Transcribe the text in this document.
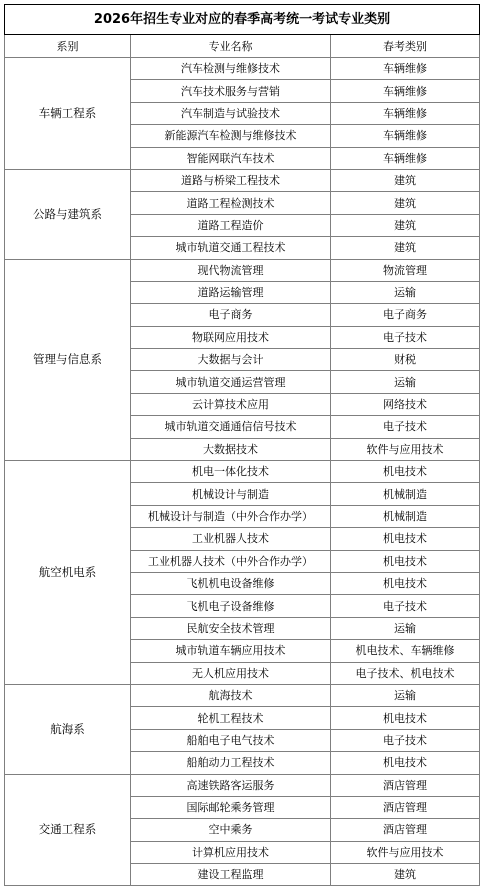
2026年招生专业对应的春季高考统一考试专业类别		
系别	专业名称	春考类别
车辆工程系	汽车检测与维修技术	车辆维修
	汽车技术服务与营销	车辆维修
	汽车制造与试验技术	车辆维修
	新能源汽车检测与维修技术	车辆维修
	智能网联汽车技术	车辆维修
公路与建筑系	道路与桥梁工程技术	建筑
	道路工程检测技术	建筑
	道路工程造价	建筑
	城市轨道交通工程技术	建筑
管理与信息系	现代物流管理	物流管理
	道路运输管理	运输
	电子商务	电子商务
	物联网应用技术	电子技术
	大数据与会计	财税
	城市轨道交通运营管理	运输
	云计算技术应用	网络技术
	城市轨道交通通信信号技术	电子技术
	大数据技术	软件与应用技术
航空机电系	机电一体化技术	机电技术
	机械设计与制造	机械制造
	机械设计与制造（中外合作办学）	机械制造
	工业机器人技术	机电技术
	工业机器人技术（中外合作办学）	机电技术
	飞机机电设备维修	机电技术
	飞机电子设备维修	电子技术
	民航安全技术管理	运输
	城市轨道车辆应用技术	机电技术、车辆维修
	无人机应用技术	电子技术、机电技术
航海系	航海技术	运输
	轮机工程技术	机电技术
	船舶电子电气技术	电子技术
	船舶动力工程技术	机电技术
交通工程系	高速铁路客运服务	酒店管理
	国际邮轮乘务管理	酒店管理
	空中乘务	酒店管理
	计算机应用技术	软件与应用技术
	建设工程监理	建筑
